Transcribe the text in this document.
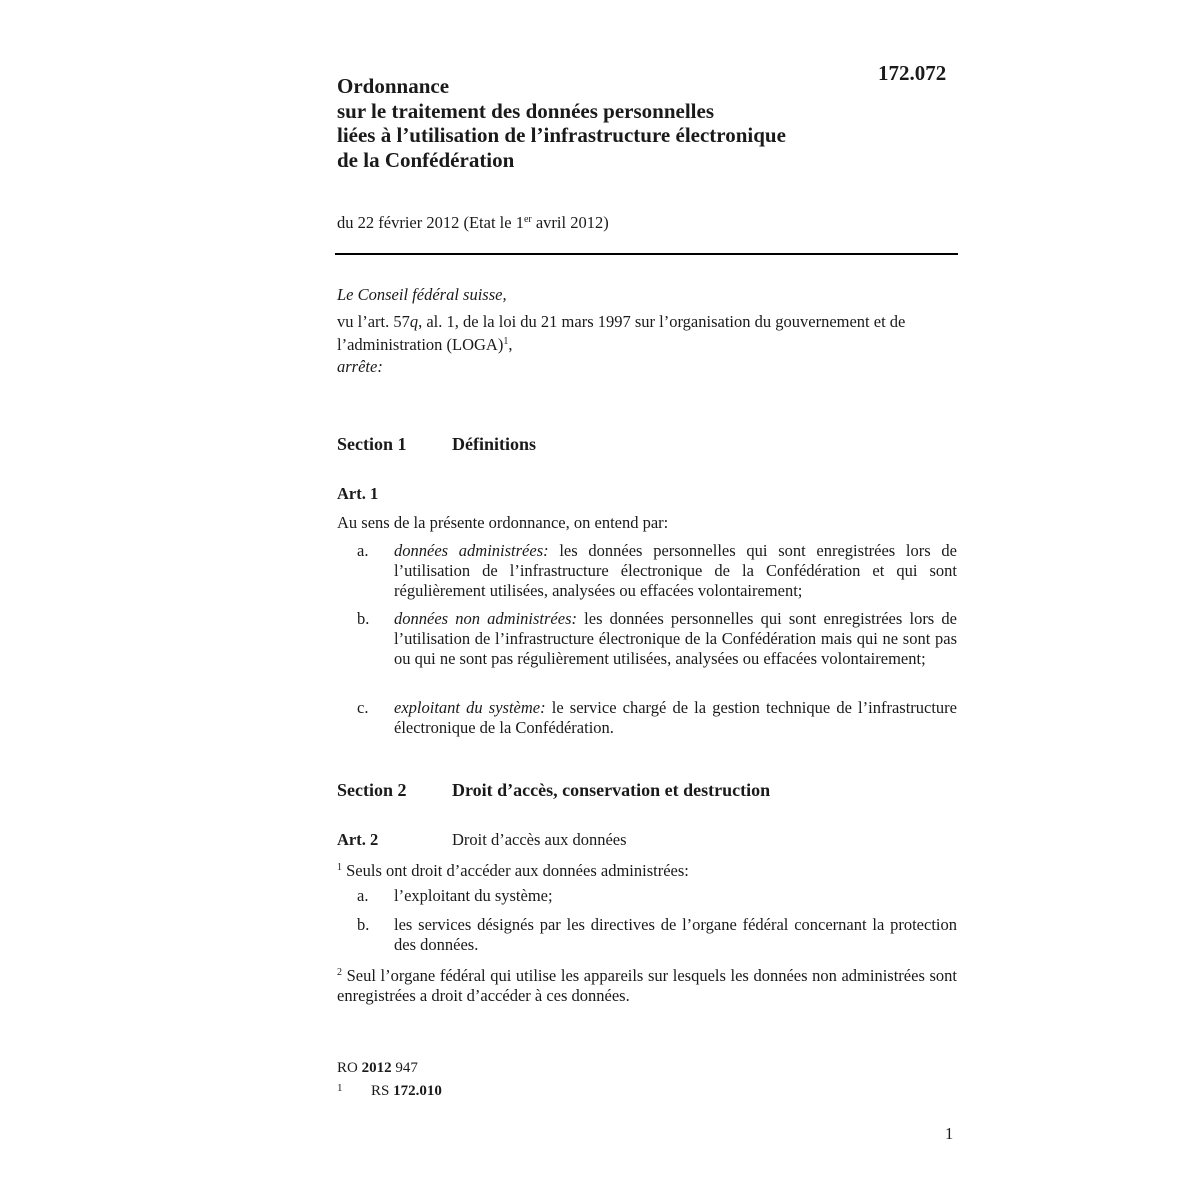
172.072
Ordonnance
sur le traitement des données personnelles
liées à l’utilisation de l’infrastructure électronique
de la Confédération
du 22 février 2012 (Etat le 1er avril 2012)
Le Conseil fédéral suisse,
vu l’art. 57q, al. 1, de la loi du 21 mars 1997 sur l’organisation du gouvernement et de l’administration (LOGA)$^1$,
arrête:
Section 1	Définitions
Art. 1
Au sens de la présente ordonnance, on entend par:
a.	données administrées: les données personnelles qui sont enregistrées lors de l’utilisation de l’infrastructure électronique de la Confédération et qui sont régulièrement utilisées, analysées ou effacées volontairement;
b.	données non administrées: les données personnelles qui sont enregistrées lors de l’utilisation de l’infrastructure électronique de la Confédération mais qui ne sont pas ou qui ne sont pas régulièrement utilisées, analysées ou effacées volontairement;
c.	exploitant du système: le service chargé de la gestion technique de l’infrastructure électronique de la Confédération.
Section 2	Droit d’accès, conservation et destruction
Art. 2	Droit d’accès aux données
$^1$ Seuls ont droit d’accéder aux données administrées:
a.	l’exploitant du système;
b.	les services désignés par les directives de l’organe fédéral concernant la protection des données.
$^2$ Seul l’organe fédéral qui utilise les appareils sur lesquels les données non administrées sont enregistrées a droit d’accéder à ces données.
RO 2012 947
1 RS 172.010
1
